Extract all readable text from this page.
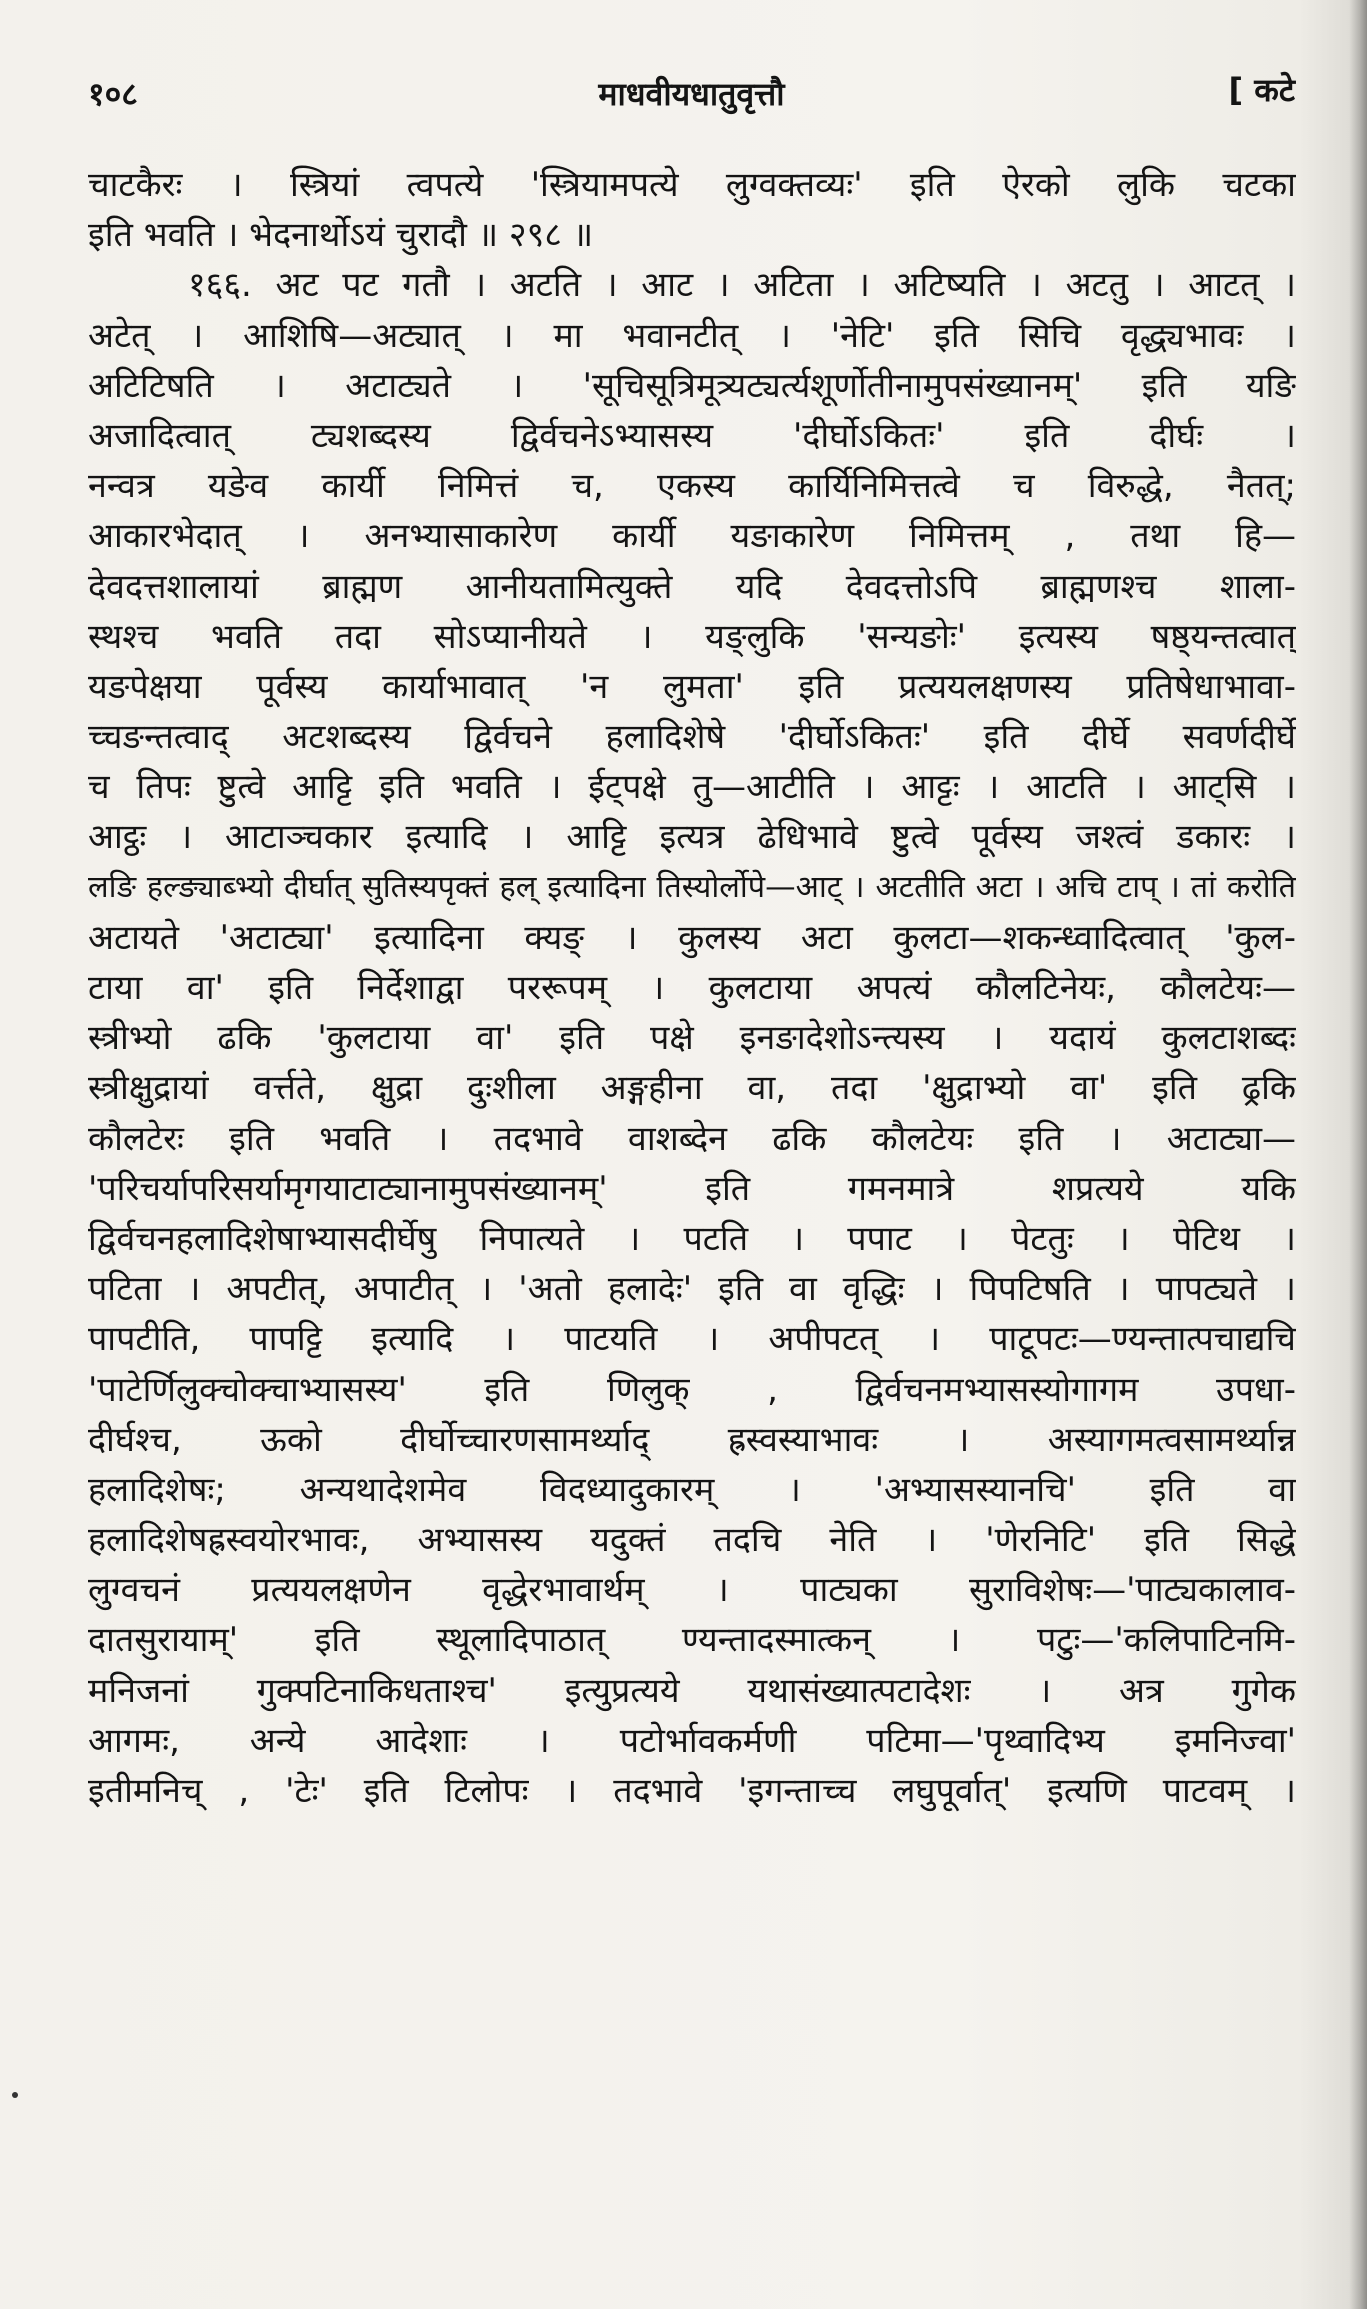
१०८	माधवीयधातुवृत्तौ	[ कटे
चाटकैरः । स्त्रियां त्वपत्ये 'स्त्रियामपत्ये लुग्वक्तव्यः' इति ऐरको लुकि चटका
इति भवति । भेदनार्थोऽयं चुरादौ ॥ २९८ ॥
१६६. अट पट गतौ । अटति । आट । अटिता । अटिष्यति । अटतु । आटत् ।
अटेत् । आशिषि—अट्यात् । मा भवानटीत् । 'नेटि' इति सिचि वृद्ध्यभावः ।
अटिटिषति । अटाट्यते । 'सूचिसूत्रिमूत्र्यट्यर्त्यशूर्णोतीनामुपसंख्यानम्' इति यङि
अजादित्वात् ट्यशब्दस्य द्विर्वचनेऽभ्यासस्य 'दीर्घोऽकितः' इति दीर्घः ।
नन्वत्र यङेव कार्यी निमित्तं च, एकस्य कार्यिनिमित्तत्वे च विरुद्धे, नैतत्;
आकारभेदात् । अनभ्यासाकारेण कार्यी यङाकारेण निमित्तम् , तथा हि—
देवदत्तशालायां ब्राह्मण आनीयतामित्युक्ते यदि देवदत्तोऽपि ब्राह्मणश्च शाला-
स्थश्च भवति तदा सोऽप्यानीयते । यङ्लुकि 'सन्यङोः' इत्यस्य षष्ठ्यन्तत्वात्
यङपेक्षया पूर्वस्य कार्याभावात् 'न लुमता' इति प्रत्ययलक्षणस्य प्रतिषेधाभावा-
च्चङन्तत्वाद् अटशब्दस्य द्विर्वचने हलादिशेषे 'दीर्घोऽकितः' इति दीर्घे सवर्णदीर्घे
च तिपः ष्टुत्वे आट्टि इति भवति । ईट्पक्षे तु—आटीति । आट्टः । आटति । आट्सि ।
आट्ठः । आटाञ्चकार इत्यादि । आट्टि इत्यत्र ढेधिभावे ष्टुत्वे पूर्वस्य जश्त्वं डकारः ।
लङि हल्ङ्याब्भ्यो दीर्घात् सुतिस्यपृक्तं हल् इत्यादिना तिस्योर्लोपे—आट् । अटतीति अटा । अचि टाप् । तां करोति
अटायते 'अटाट्या' इत्यादिना क्यङ् । कुलस्य अटा कुलटा—शकन्ध्वादित्वात् 'कुल-
टाया वा' इति निर्देशाद्वा पररूपम् । कुलटाया अपत्यं कौलटिनेयः, कौलटेयः—
स्त्रीभ्यो ढकि 'कुलटाया वा' इति पक्षे इनङादेशोऽन्त्यस्य । यदायं कुलटाशब्दः
स्त्रीक्षुद्रायां वर्त्तते, क्षुद्रा दुःशीला अङ्गहीना वा, तदा 'क्षुद्राभ्यो वा' इति ढ्रकि
कौलटेरः इति भवति । तदभावे वाशब्देन ढकि कौलटेयः इति । अटाट्या—
'परिचर्यापरिसर्यामृगयाटाट्यानामुपसंख्यानम्' इति गमनमात्रे शप्रत्यये यकि
द्विर्वचनहलादिशेषाभ्यासदीर्घेषु निपात्यते । पटति । पपाट । पेटतुः । पेटिथ ।
पटिता । अपटीत्, अपाटीत् । 'अतो हलादेः' इति वा वृद्धिः । पिपटिषति । पापट्यते ।
पापटीति, पापट्टि इत्यादि । पाटयति । अपीपटत् । पाटूपटः—ण्यन्तात्पचाद्यचि
'पाटेर्णिलुक्चोक्चाभ्यासस्य' इति णिलुक् , द्विर्वचनमभ्यासस्योगागम उपधा-
दीर्घश्च, ऊको दीर्घोच्चारणसामर्थ्याद् ह्रस्वस्याभावः । अस्यागमत्वसामर्थ्यान्न
हलादिशेषः; अन्यथादेशमेव विदध्यादुकारम् । 'अभ्यासस्यानचि' इति वा
हलादिशेषह्रस्वयोरभावः, अभ्यासस्य यदुक्तं तदचि नेति । 'णेरनिटि' इति सिद्धे
लुग्वचनं प्रत्ययलक्षणेन वृद्धेरभावार्थम् । पाट्यका सुराविशेषः—'पाट्यकालाव-
दातसुरायाम्' इति स्थूलादिपाठात् ण्यन्तादस्मात्कन् । पटुः—'कलिपाटिनमि-
मनिजनां गुक्पटिनाकिधताश्च' इत्युप्रत्यये यथासंख्यात्पटादेशः । अत्र गुगेक
आगमः, अन्ये आदेशाः । पटोर्भावकर्मणी पटिमा—'पृथ्वादिभ्य इमनिज्वा'
इतीमनिच् , 'टेः' इति टिलोपः । तदभावे 'इगन्ताच्च लघुपूर्वात्' इत्यणि पाटवम् ।
